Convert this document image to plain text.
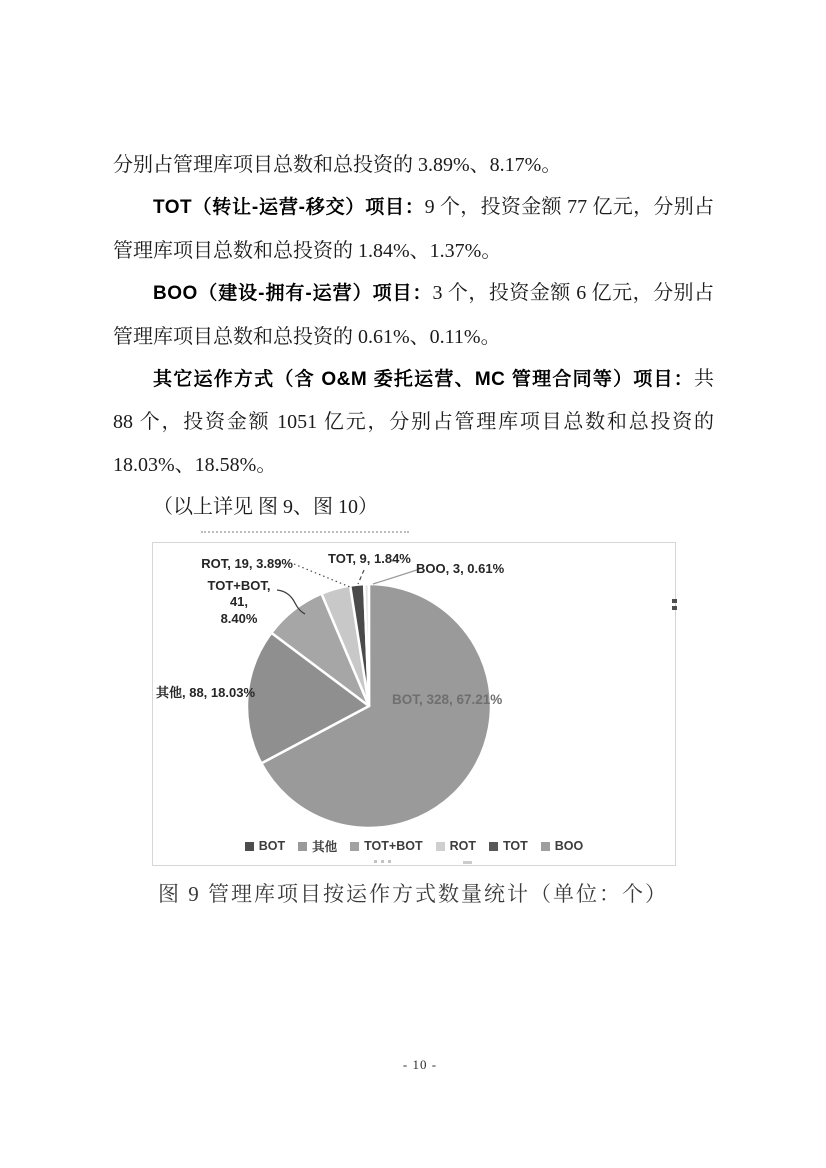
分别占管理库项目总数和总投资的 3.89%、8.17%。

TOT（转让-运营-移交）项目：9 个，投资金额 77 亿元，分别占管理库项目总数和总投资的 1.84%、1.37%。

BOO（建设-拥有-运营）项目：3 个，投资金额 6 亿元，分别占管理库项目总数和总投资的 0.61%、0.11%。

其它运作方式（含 O&M 委托运营、MC 管理合同等）项目：共 88 个，投资金额 1051 亿元，分别占管理库项目总数和总投资的 18.03%、18.58%。

（以上详见 图 9、图 10）

ROT, 19, 3.89%	TOT, 9, 1.84%
BOO, 3, 0.61%
TOT+BOT, 41,
8.40%
其他, 88, 18.03%	BOT, 328, 67.21%
BOT 其他 TOT+BOT ROT TOT BOO
图 9 管理库项目按运作方式数量统计（单位：个）
- 10 -
